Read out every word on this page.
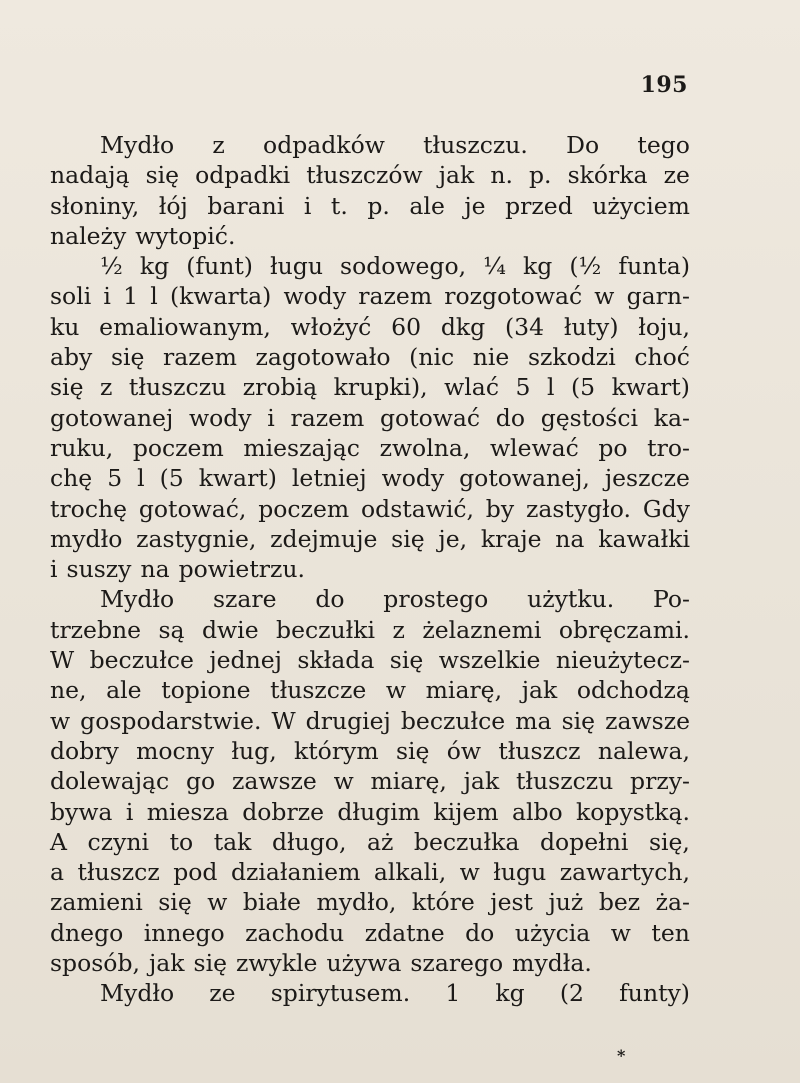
195
Mydło z odpadków tłuszczu. Do tego
nadają się odpadki tłuszczów jak n. p. skórka ze
słoniny, łój barani i t. p. ale je przed użyciem
należy wytopić.
½ kg (funt) ługu sodowego, ¼ kg (½ funta)
soli i 1 l (kwarta) wody razem rozgotować w garn-
ku emaliowanym, włożyć 60 dkg (34 łuty) łoju,
aby się razem zagotowało (nic nie szkodzi choć
się z tłuszczu zrobią krupki), wlać 5 l (5 kwart)
gotowanej wody i razem gotować do gęstości ka-
ruku, poczem mieszając zwolna, wlewać po tro-
chę 5 l (5 kwart) letniej wody gotowanej, jeszcze
trochę gotować, poczem odstawić, by zastygło. Gdy
mydło zastygnie, zdejmuje się je, kraje na kawałki
i suszy na powietrzu.
Mydło szare do prostego użytku. Po-
trzebne są dwie beczułki z żelaznemi obręczami.
W beczułce jednej składa się wszelkie nieużytecz-
ne, ale topione tłuszcze w miarę, jak odchodzą
w gospodarstwie. W drugiej beczułce ma się zawsze
dobry mocny ług, którym się ów tłuszcz nalewa,
dolewając go zawsze w miarę, jak tłuszczu przy-
bywa i miesza dobrze długim kijem albo kopystką.
A czyni to tak długo, aż beczułka dopełni się,
a tłuszcz pod działaniem alkali, w ługu zawartych,
zamieni się w białe mydło, które jest już bez ża-
dnego innego zachodu zdatne do użycia w ten
sposób, jak się zwykle używa szarego mydła.
Mydło ze spirytusem. 1 kg (2 funty)
*
